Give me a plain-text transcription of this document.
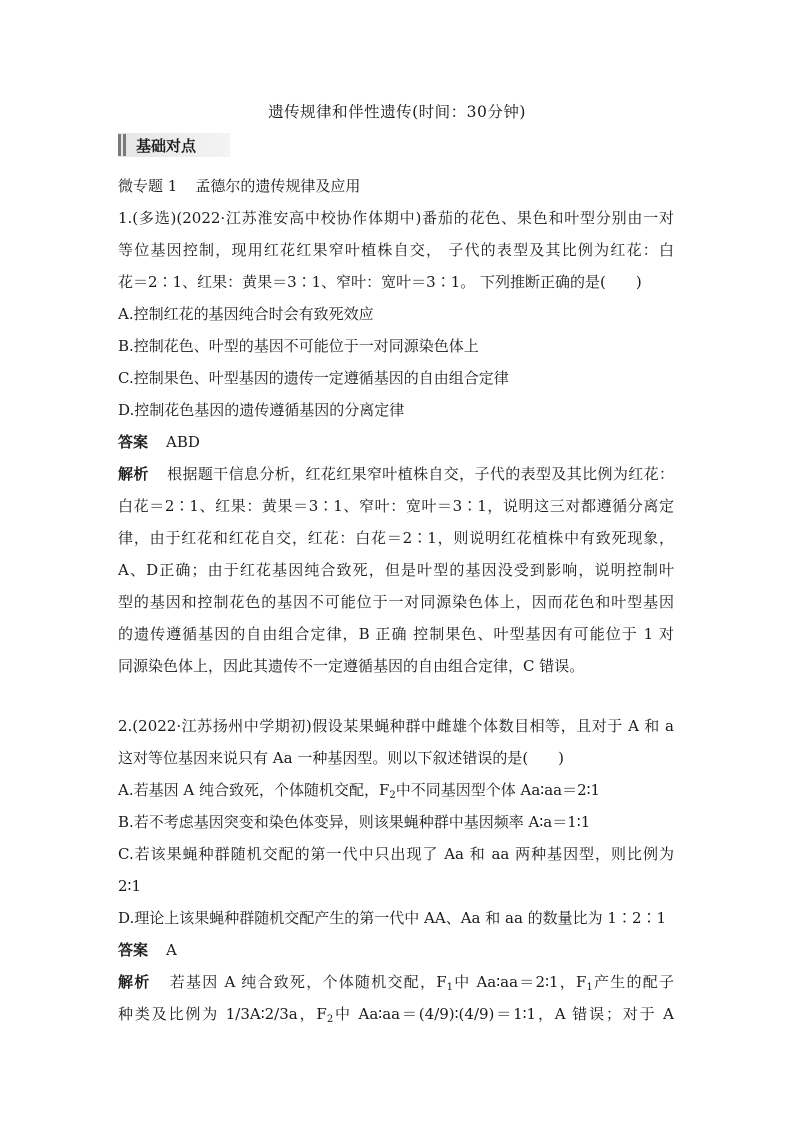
遗传规律和伴性遗传(时间：30分钟)
基础对点
微专题 1 孟德尔的遗传规律及应用
1.(多选)(2022·江苏淮安高中校协作体期中)番茄的花色、果色和叶型分别由一对
等位基因控制，现用红花红果窄叶植株自交， 子代的表型及其比例为红花：白
花＝2∶1、红果：黄果＝3∶1、窄叶：宽叶＝3∶1。 下列推断正确的是(　　)
A.控制红花的基因纯合时会有致死效应
B.控制花色、叶型的基因不可能位于一对同源染色体上
C.控制果色、叶型基因的遗传一定遵循基因的自由组合定律
D.控制花色基因的遗传遵循基因的分离定律
答案 ABD
解析 根据题干信息分析，红花红果窄叶植株自交，子代的表型及其比例为红花：
白花＝2∶1、红果：黄果＝3∶1、窄叶：宽叶＝3∶1，说明这三对都遵循分离定
律，由于红花和红花自交，红花：白花＝2∶1，则说明红花植株中有致死现象，
A、D正确；由于红花基因纯合致死，但是叶型的基因没受到影响，说明控制叶
型的基因和控制花色的基因不可能位于一对同源染色体上，因而花色和叶型基因
的遗传遵循基因的自由组合定律，B 正确 控制果色、叶型基因有可能位于 1 对
同源染色体上，因此其遗传不一定遵循基因的自由组合定律，C 错误。
2.(2022·江苏扬州中学期初)假设某果蝇种群中雌雄个体数目相等，且对于 A 和 a
这对等位基因来说只有 Aa 一种基因型。则以下叙述错误的是(　　)
A.若基因 A 纯合致死，个体随机交配，$F_2$中不同基因型个体 Aa∶aa＝2∶1
B.若不考虑基因突变和染色体变异，则该果蝇种群中基因频率 A∶a＝1∶1
C.若该果蝇种群随机交配的第一代中只出现了 Aa 和 aa 两种基因型，则比例为
2∶1
D.理论上该果蝇种群随机交配产生的第一代中 AA、Aa 和 aa 的数量比为 1∶2∶1
答案 A
解析 若基因 A 纯合致死，个体随机交配，$F_1$中 Aa∶aa＝2∶1，$F_1$产生的配子
种类及比例为 1/3A∶2/3a，$F_2$中 Aa∶aa＝(4/9)∶(4/9)＝1∶1，A 错误；对于 A
